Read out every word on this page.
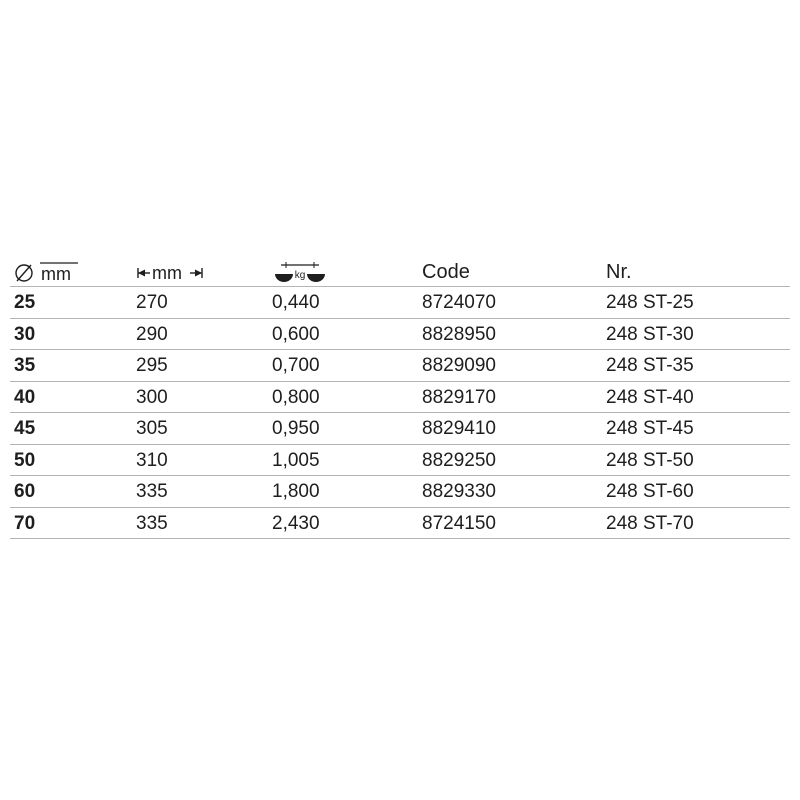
mm	mm	kg	Code	Nr.
25	270	0,440	8724070	248 ST-25
30	290	0,600	8828950	248 ST-30
35	295	0,700	8829090	248 ST-35
40	300	0,800	8829170	248 ST-40
45	305	0,950	8829410	248 ST-45
50	310	1,005	8829250	248 ST-50
60	335	1,800	8829330	248 ST-60
70	335	2,430	8724150	248 ST-70
